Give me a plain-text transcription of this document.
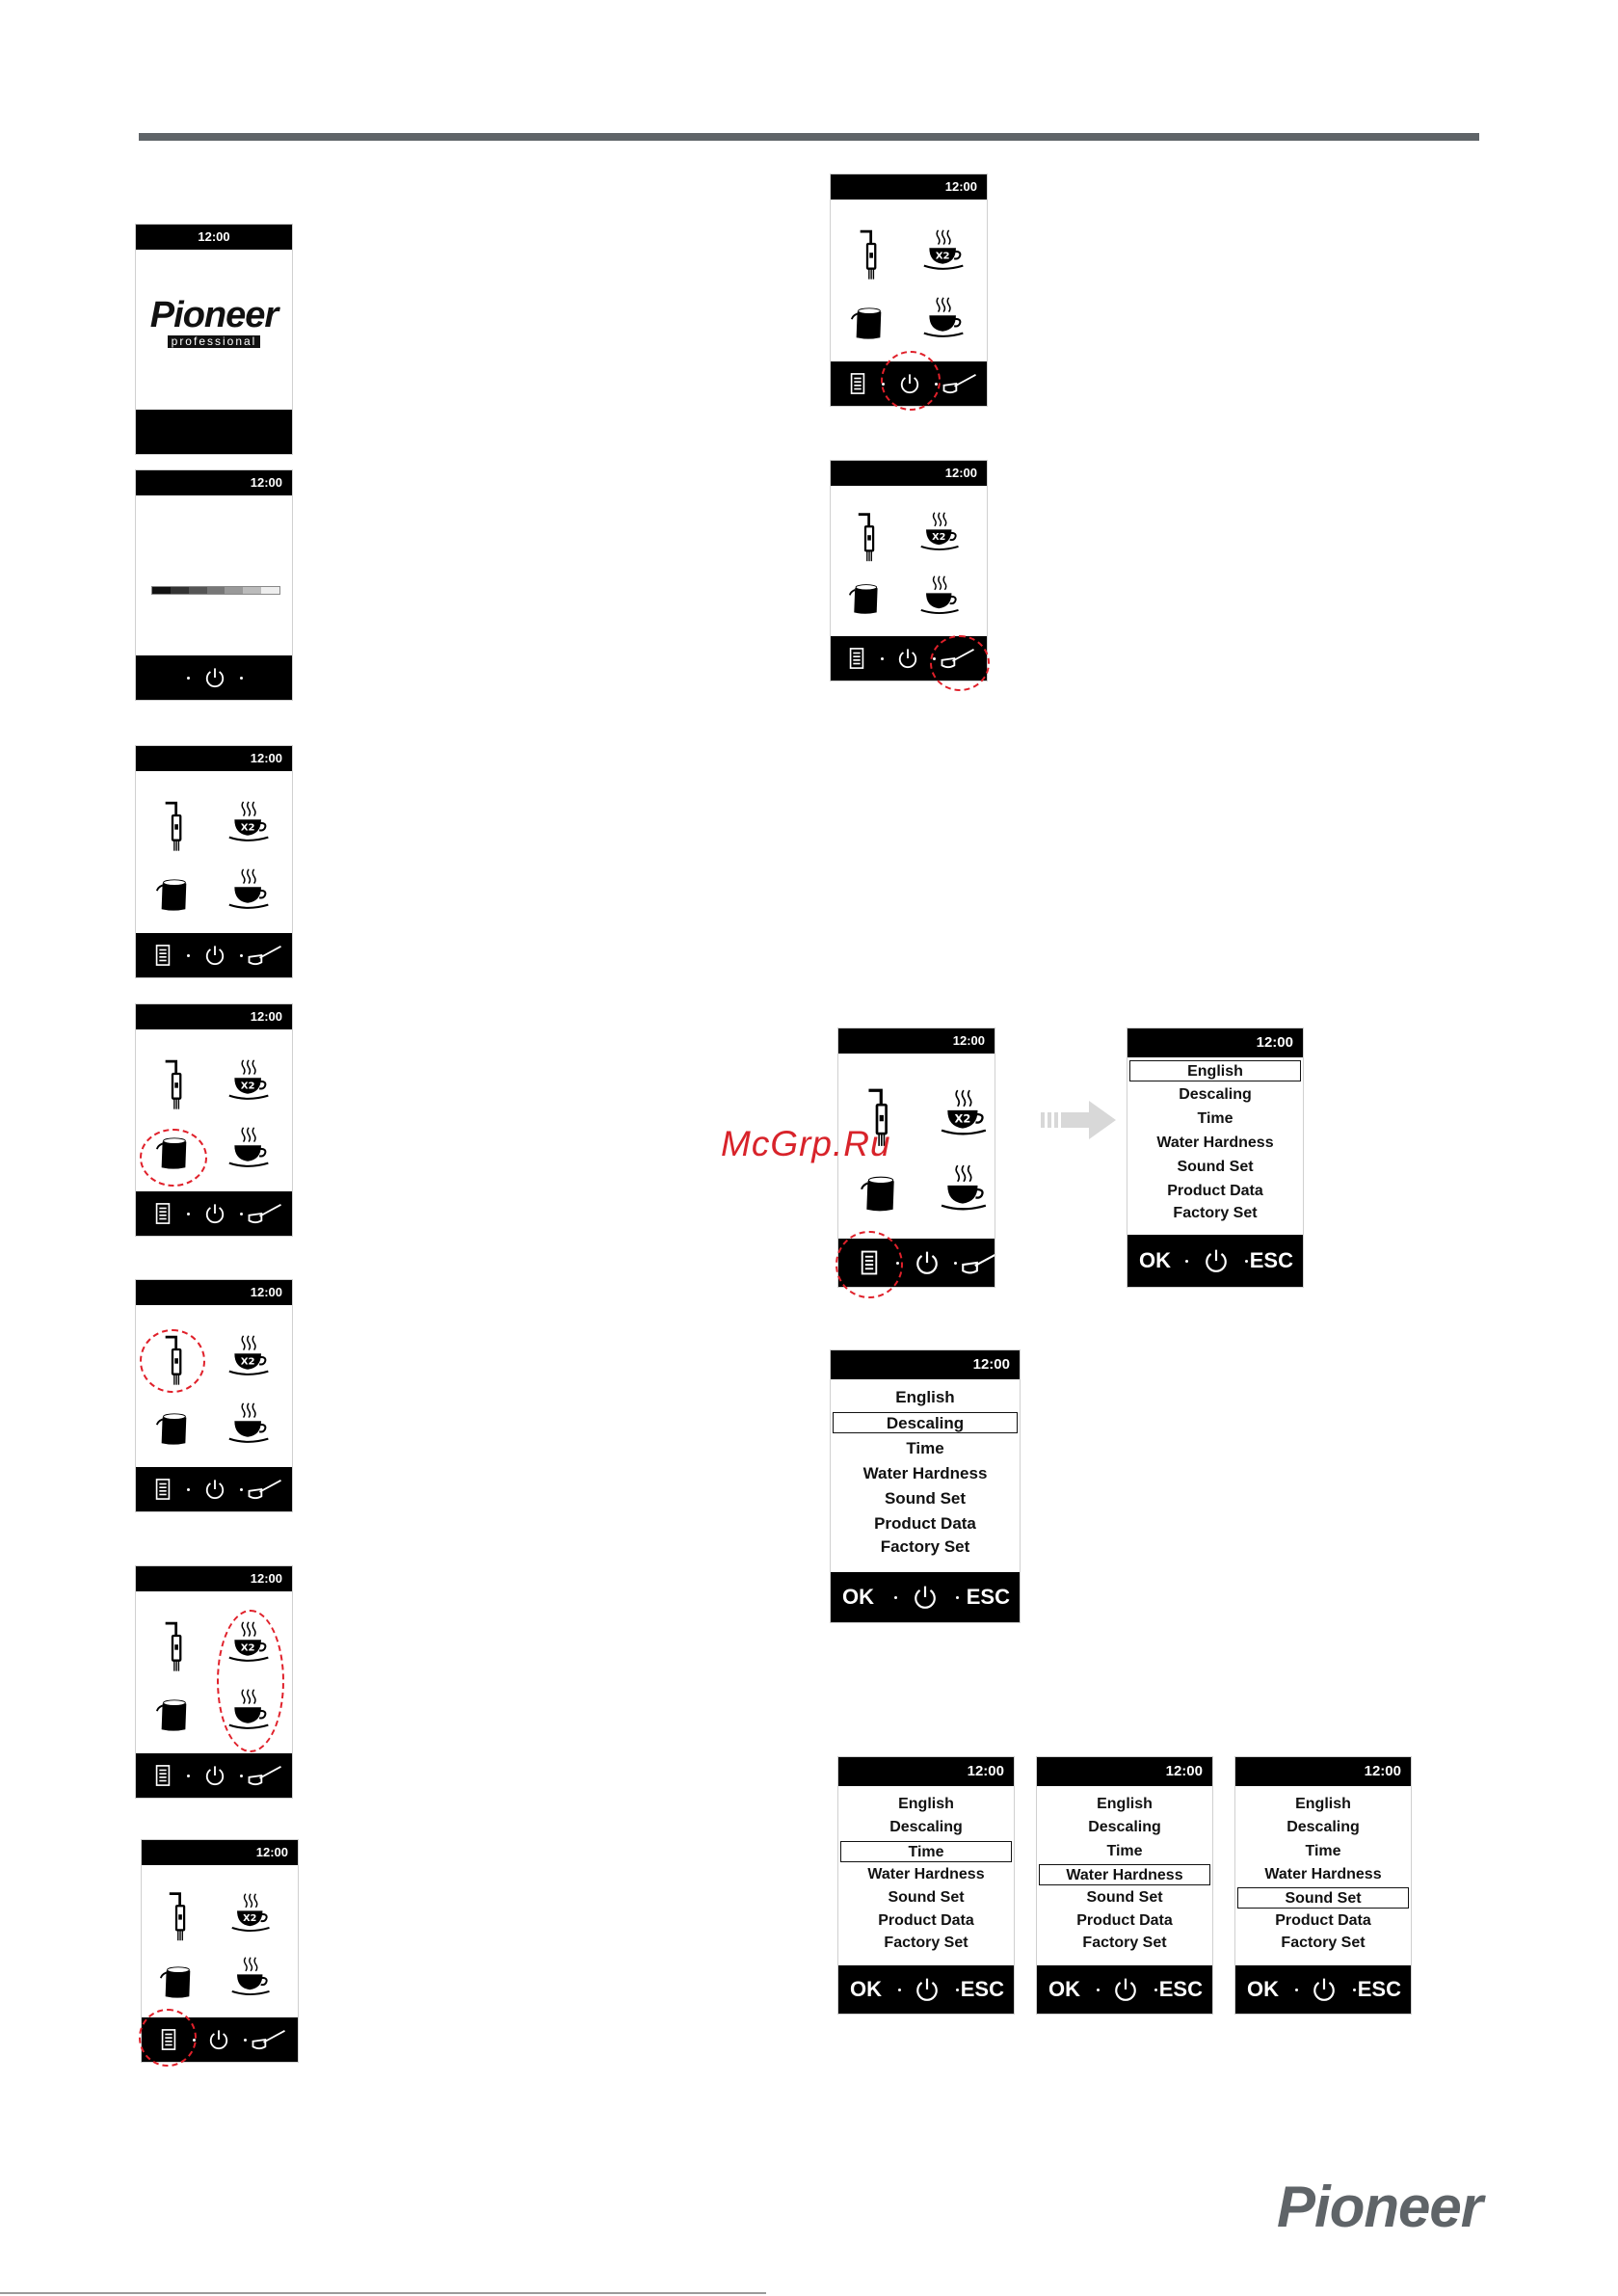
12:00
Pioneer
professional
12:00
12:00
12:00
12:00
12:00
12:00
12:00
12:00
12:00
McGrp.Ru
12:00
English
Descaling
Time
Water Hardness
Sound Set
Product Data
Factory Set
OK	ESC
12:00
English
Descaling
Time
Water Hardness
Sound Set
Product Data
Factory Set
OK	ESC
12:00
English
Descaling
Time
Water Hardness
Sound Set
Product Data
Factory Set
OK	ESC
12:00
English
Descaling
Time
Water Hardness
Sound Set
Product Data
Factory Set
OK	ESC
12:00
English
Descaling
Time
Water Hardness
Sound Set
Product Data
Factory Set
OK	ESC
Pioneer
